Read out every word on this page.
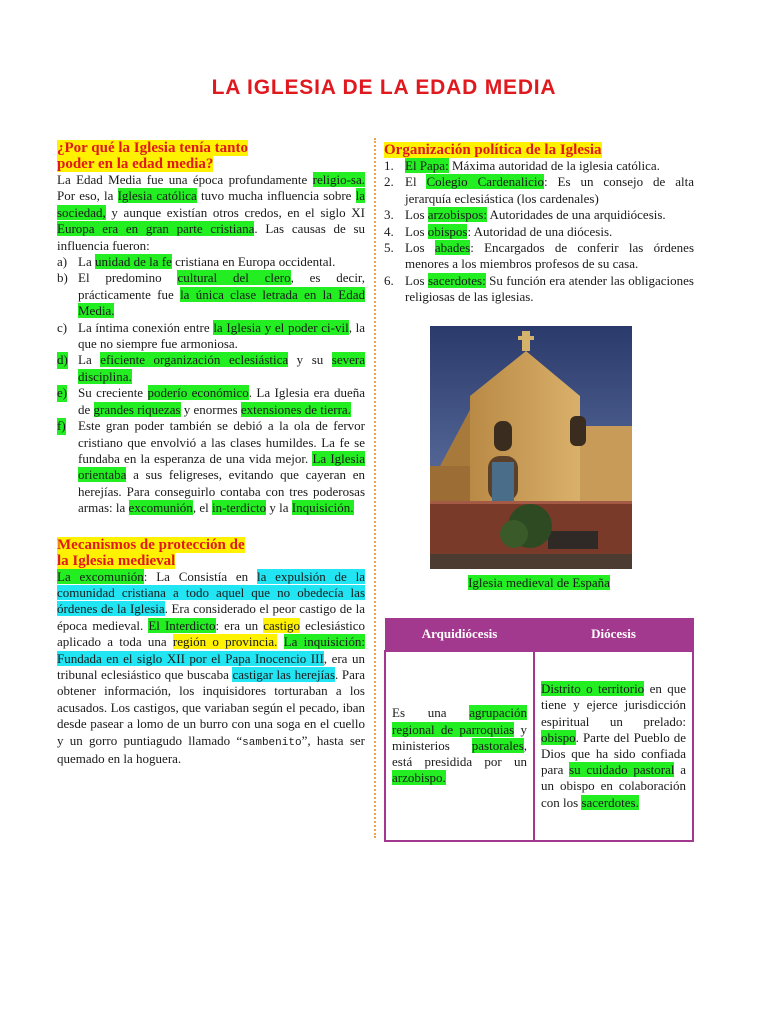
LA IGLESIA DE LA EDAD MEDIA
¿Por qué la Iglesia tenía tanto
poder en la edad media?

La Edad Media fue una época profundamente religio-sa. Por eso, la Iglesia católica tuvo mucha influencia sobre la sociedad, y aunque existían otros credos, en el siglo XI Europa era en gran parte cristiana. Las causas de su influencia fueron:

a) La unidad de la fe cristiana en Europa occidental.
b) El predomino cultural del clero, es decir, prácticamente fue la única clase letrada en la Edad Media.
c) La íntima conexión entre la Iglesia y el poder ci-vil, la que no siempre fue armoniosa.
d) La eficiente organización eclesiástica y su severa disciplina.
e) Su creciente poderío económico. La Iglesia era dueña de grandes riquezas y enormes extensiones de tierra.
f) Este gran poder también se debió a la ola de fervor cristiano que envolvió a las clases humildes. La fe se fundaba en la esperanza de una vida mejor. La Iglesia orientaba a sus feligreses, evitando que cayeran en herejías. Para conseguirlo contaba con tres poderosas armas: la excomunión, el in-terdicto y la Inquisición.
Mecanismos de protección de
la Iglesia medieval

La excomunión: La Consistía en la expulsión de la comunidad cristiana a todo aquel que no obedecía las órdenes de la Iglesia. Era considerado el peor castigo de la época medieval. El Interdicto: era un castigo eclesiástico aplicado a toda una región o provincia. La inquisición: Fundada en el siglo XII por el Papa Inocencio III, era un tribunal eclesiástico que buscaba castigar las herejías. Para obtener información, los inquisidores torturaban a los acusados. Los castigos, que variaban según el pecado, iban desde pasear a lomo de un burro con una soga en el cuello y un gorro puntiagudo llamado “sambenito”, hasta ser quemado en la hoguera.

Organización política de la Iglesia
1. El Papa: Máxima autoridad de la iglesia católica.
2. El Colegio Cardenalicio: Es un consejo de alta jerarquía eclesiástica (los cardenales)
3. Los arzobispos: Autoridades de una arquidiócesis.
4. Los obispos: Autoridad de una diócesis.
5. Los abades: Encargados de conferir las órdenes menores a los miembros profesos de su casa.
6. Los sacerdotes: Su función era atender las obligaciones religiosas de las iglesias.
Iglesia medieval de España
Arquidiócesis	Diócesis
Es una agrupación regional de parroquias y ministerios pastorales, está presidida por un arzobispo.	Distrito o territorio en que tiene y ejerce jurisdicción espiritual un prelado: obispo. Parte del Pueblo de Dios que ha sido confiada para su cuidado pastoral a un obispo en colaboración con los sacerdotes.
